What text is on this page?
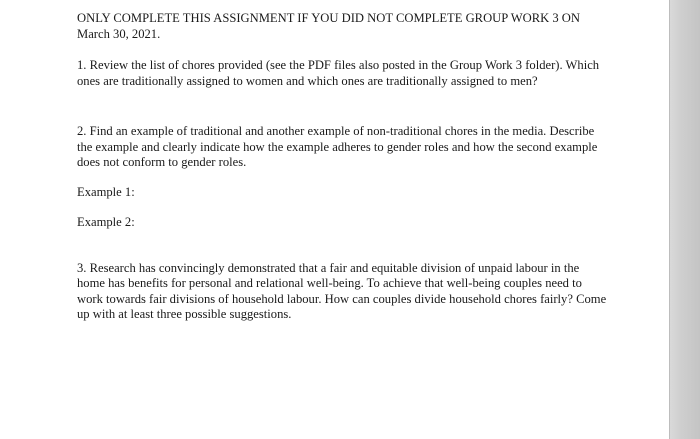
ONLY COMPLETE THIS ASSIGNMENT IF YOU DID NOT COMPLETE GROUP WORK 3 ON March 30, 2021.

1. Review the list of chores provided (see the PDF files also posted in the Group Work 3 folder). Which ones are traditionally assigned to women and which ones are traditionally assigned to men?

2. Find an example of traditional and another example of non-traditional chores in the media. Describe the example and clearly indicate how the example adheres to gender roles and how the second example does not conform to gender roles.

Example 1:

Example 2:

3. Research has convincingly demonstrated that a fair and equitable division of unpaid labour in the home has benefits for personal and relational well-being. To achieve that well-being couples need to work towards fair divisions of household labour. How can couples divide household chores fairly? Come up with at least three possible suggestions.
